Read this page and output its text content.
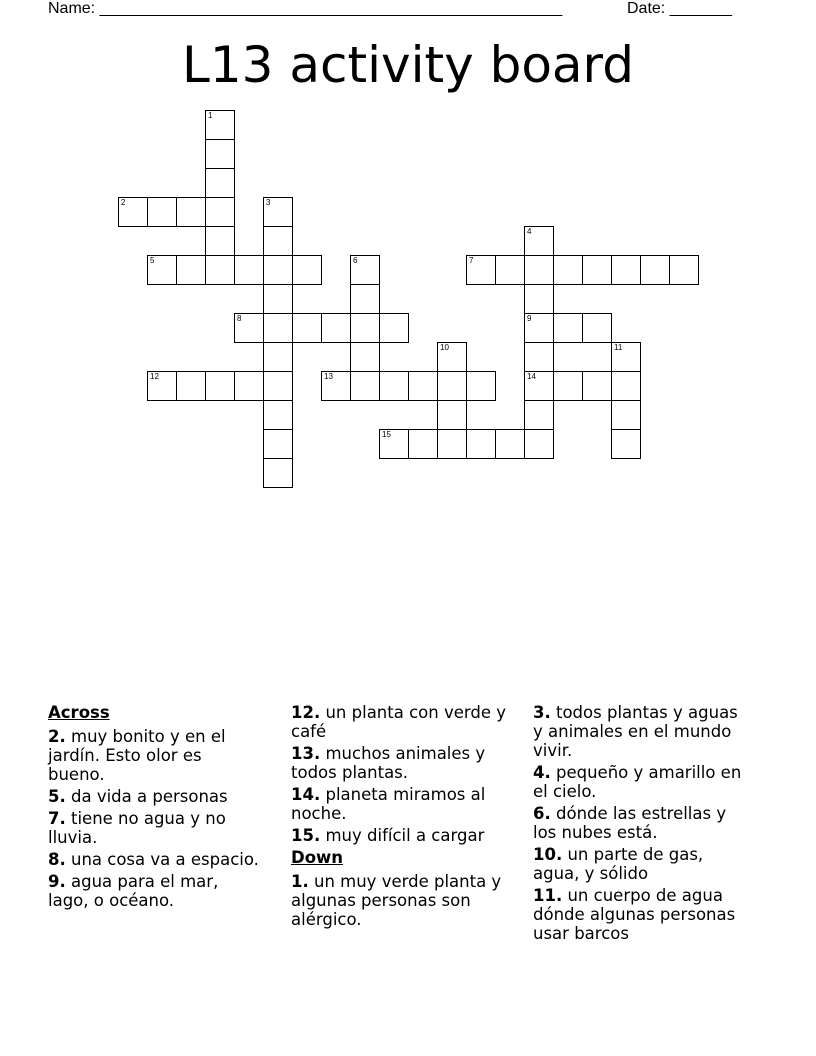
Name: ____________________________________________________	Date: _______
L13 activity board
1
2	3
5	6	7
4
9
14
8
10	11
12	13
15
Across
2. muy bonito y en el jardín. Esto olor es bueno.
5. da vida a personas
7. tiene no agua y no lluvia.
8. una cosa va a espacio.
9. agua para el mar, lago, o océano.
12. un planta con verde y café
13. muchos animales y todos plantas.
14. planeta miramos al noche.
15. muy difícil a cargar
Down
1. un muy verde planta y algunas personas son alérgico.
3. todos plantas y aguas y animales en el mundo vivir.
4. pequeño y amarillo en el cielo.
6. dónde las estrellas y los nubes está.
10. un parte de gas, agua, y sólido
11. un cuerpo de agua dónde algunas personas usar barcos
